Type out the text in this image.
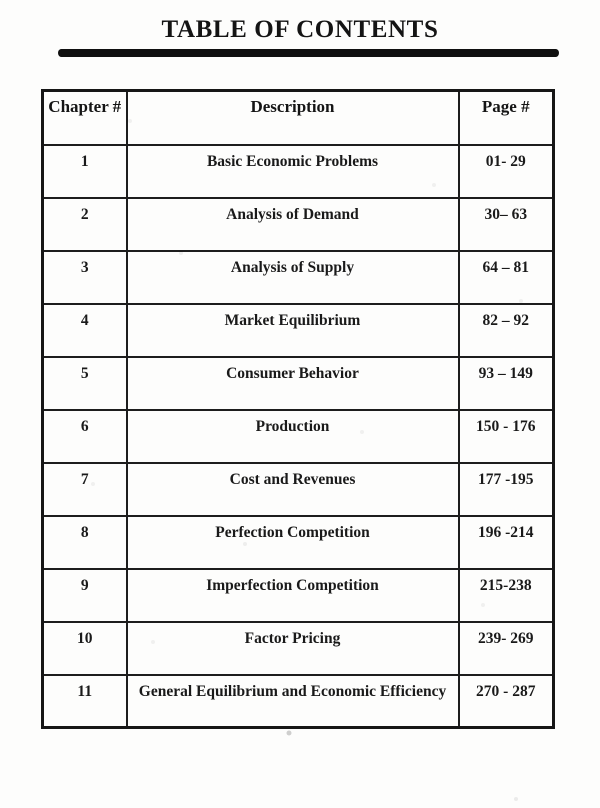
TABLE OF CONTENTS
Chapter #	Description	Page #
1	Basic Economic Problems	01- 29
2	Analysis of Demand	30– 63
3	Analysis of Supply	64 – 81
4	Market Equilibrium	82 – 92
5	Consumer Behavior	93 – 149
6	Production	150 - 176
7	Cost and Revenues	177 -195
8	Perfection Competition	196 -214
9	Imperfection Competition	215-238
10	Factor Pricing	239- 269
11	General Equilibrium and Economic Efficiency	270 - 287
